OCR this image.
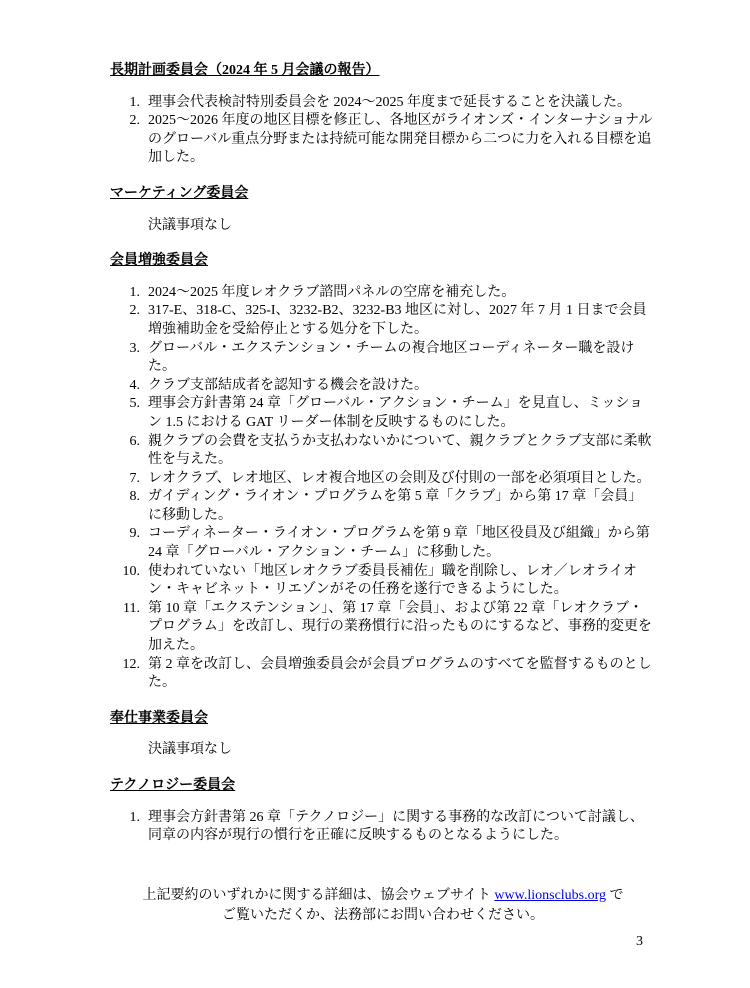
長期計画委員会（2024 年 5 月会議の報告）
1. 理事会代表検討特別委員会を 2024～2025 年度まで延長することを決議した。
2. 2025～2026 年度の地区目標を修正し、各地区がライオンズ・インターナショナルのグローバル重点分野または持続可能な開発目標から二つに力を入れる目標を追加した。
マーケティング委員会

決議事項なし

会員増強委員会
1. 2024～2025 年度レオクラブ諮問パネルの空席を補充した。
2. 317-E、318-C、325-I、3232-B2、3232-B3 地区に対し、2027 年 7 月 1 日まで会員増強補助金を受給停止とする処分を下した。
3. グローバル・エクステンション・チームの複合地区コーディネーター職を設けた。
4. クラブ支部結成者を認知する機会を設けた。
5. 理事会方針書第 24 章「グローバル・アクション・チーム」を見直し、ミッション 1.5 における GAT リーダー体制を反映するものにした。
6. 親クラブの会費を支払うか支払わないかについて、親クラブとクラブ支部に柔軟性を与えた。
7. レオクラブ、レオ地区、レオ複合地区の会則及び付則の一部を必須項目とした。
8. ガイディング・ライオン・プログラムを第 5 章「クラブ」から第 17 章「会員」に移動した。
9. コーディネーター・ライオン・プログラムを第 9 章「地区役員及び組織」から第 24 章「グローバル・アクション・チーム」に移動した。
10. 使われていない「地区レオクラブ委員長補佐」職を削除し、レオ／レオライオン・キャビネット・リエゾンがその任務を遂行できるようにした。
11. 第 10 章「エクステンション」、第 17 章「会員」、および第 22 章「レオクラブ・プログラム」を改訂し、現行の業務慣行に沿ったものにするなど、事務的変更を加えた。
12. 第 2 章を改訂し、会員増強委員会が会員プログラムのすべてを監督するものとした。
奉仕事業委員会

決議事項なし

テクノロジー委員会
1. 理事会方針書第 26 章「テクノロジー」に関する事務的な改訂について討議し、同章の内容が現行の慣行を正確に反映するものとなるようにした。
上記要約のいずれかに関する詳細は、協会ウェブサイト www.lionsclubs.org で
ご覧いただくか、法務部にお問い合わせください。
3
